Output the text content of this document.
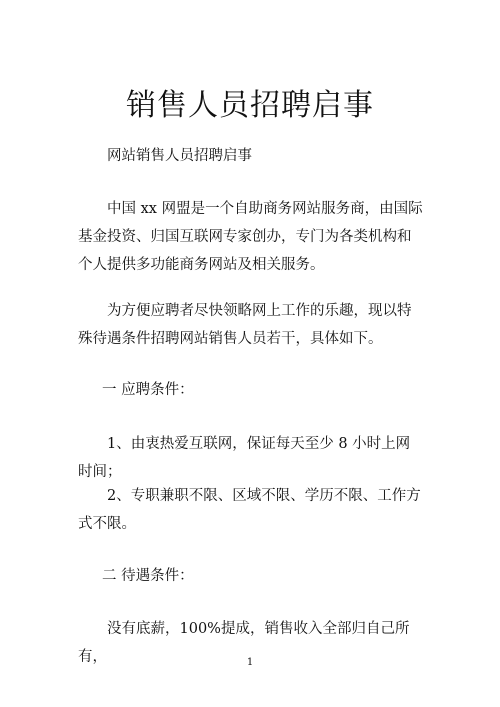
销售人员招聘启事

网站销售人员招聘启事

中国 xx 网盟是一个自助商务网站服务商，由国际基金投资、归国互联网专家创办，专门为各类机构和个人提供多功能商务网站及相关服务。

为方便应聘者尽快领略网上工作的乐趣，现以特殊待遇条件招聘网站销售人员若干，具体如下。

一 应聘条件：

1、由衷热爱互联网，保证每天至少 8 小时上网时间；

2、专职兼职不限、区域不限、学历不限、工作方式不限。

二 待遇条件：

没有底薪，100%提成，销售收入全部归自己所有，	1
